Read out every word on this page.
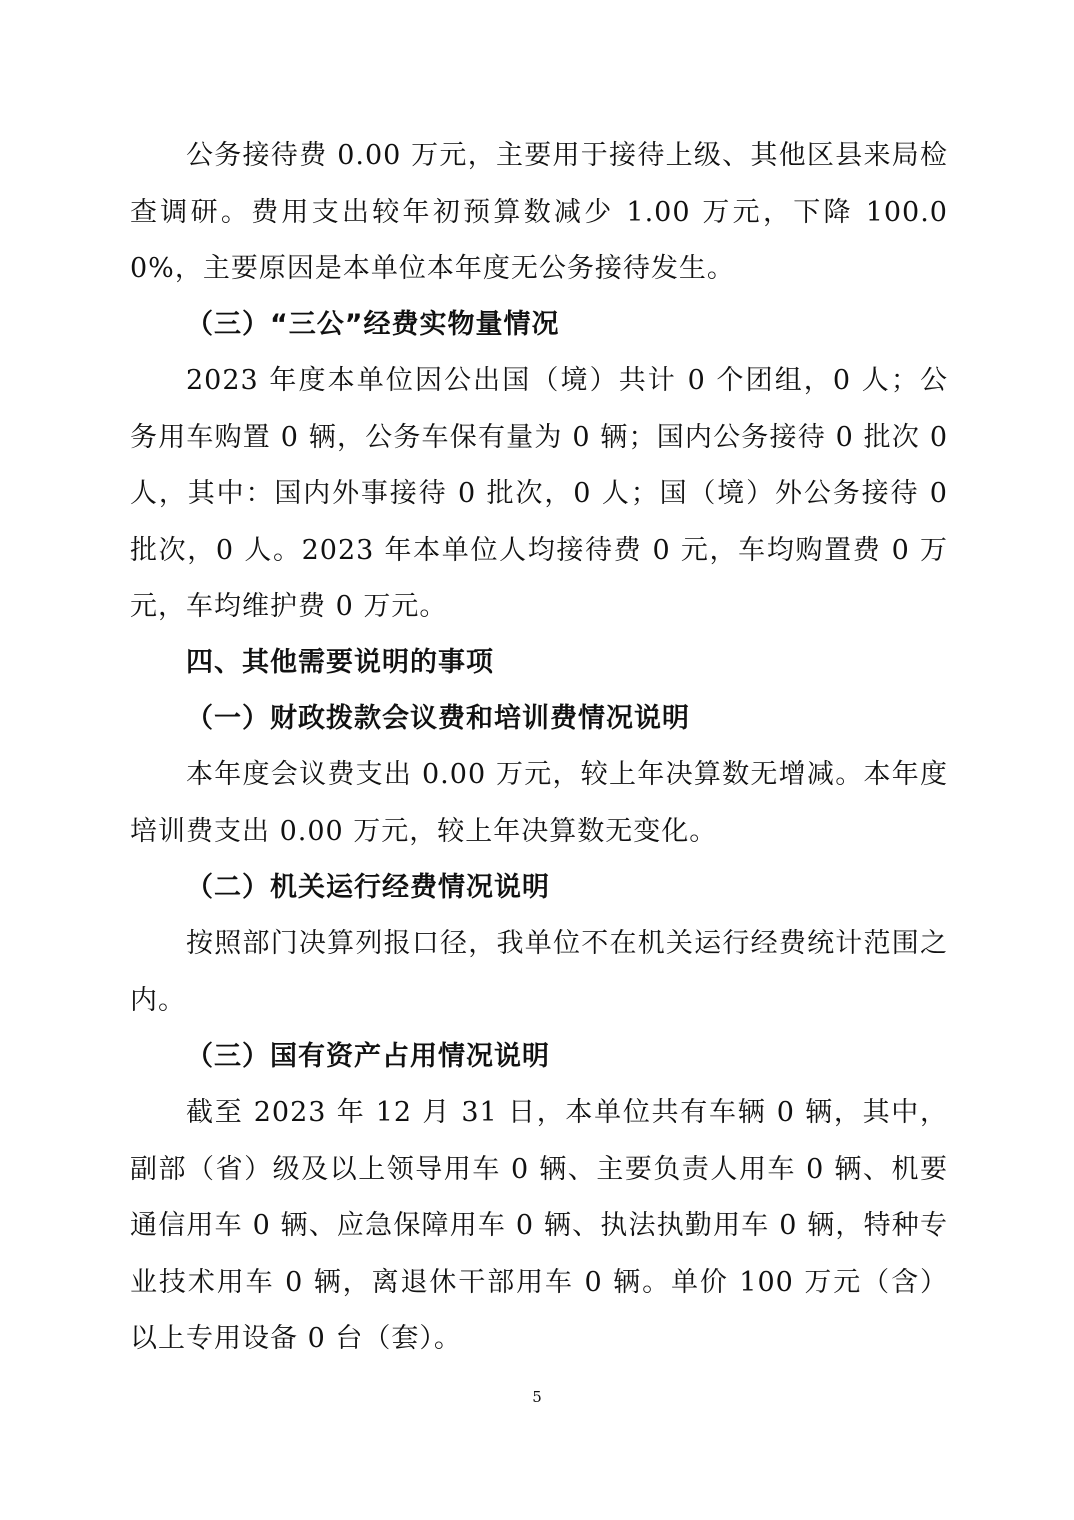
公务接待费 0.00 万元，主要用于接待上级、其他区县来局检查调研。费用支出较年初预算数减少 1.00 万元，下降 100.00%，主要原因是本单位本年度无公务接待发生。

（三）“三公”经费实物量情况

2023 年度本单位因公出国（境）共计 0 个团组，0 人；公务用车购置 0 辆，公务车保有量为 0 辆；国内公务接待 0 批次 0 人，其中：国内外事接待 0 批次，0 人；国（境）外公务接待 0 批次，0 人。2023 年本单位人均接待费 0 元，车均购置费 0 万元，车均维护费 0 万元。

四、其他需要说明的事项
（一）财政拨款会议费和培训费情况说明

本年度会议费支出 0.00 万元，较上年决算数无增减。本年度培训费支出 0.00 万元，较上年决算数无变化。

（二）机关运行经费情况说明

按照部门决算列报口径，我单位不在机关运行经费统计范围之内。

（三）国有资产占用情况说明

截至 2023 年 12 月 31 日，本单位共有车辆 0 辆，其中，副部（省）级及以上领导用车 0 辆、主要负责人用车 0 辆、机要通信用车 0 辆、应急保障用车 0 辆、执法执勤用车 0 辆，特种专业技术用车 0 辆，离退休干部用车 0 辆。单价 100 万元（含）以上专用设备 0 台（套）。

5
